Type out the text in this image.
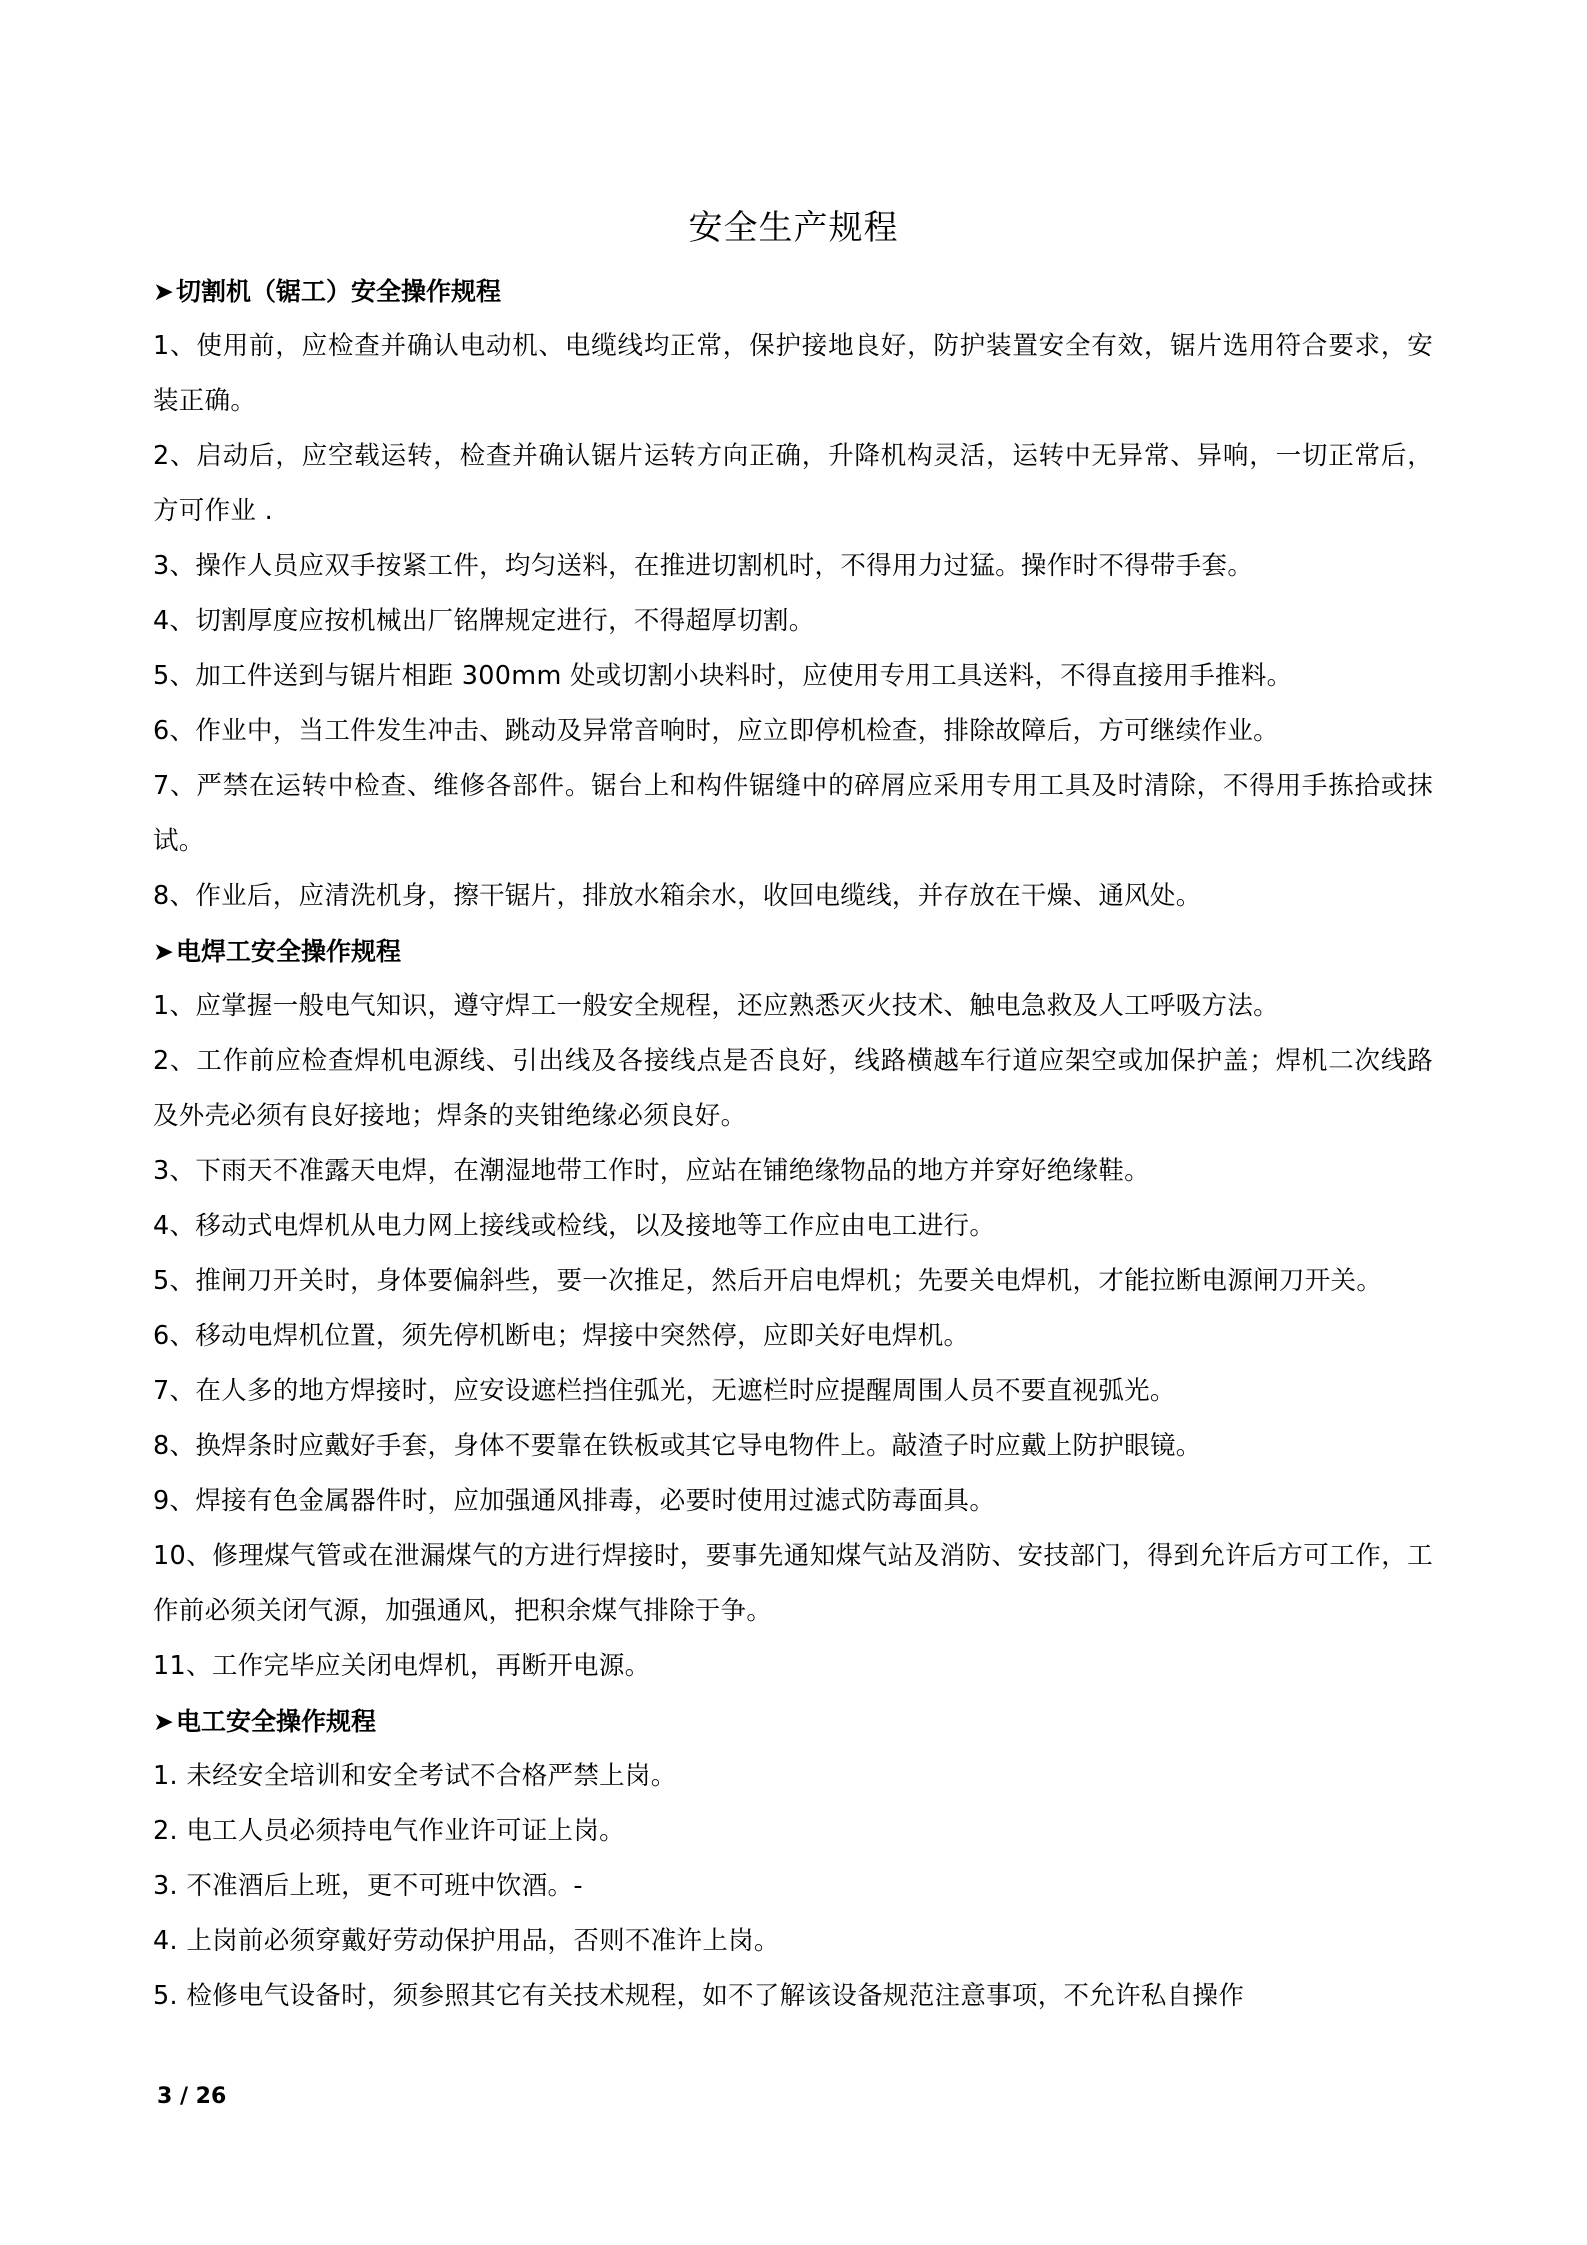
安全生产规程
➤切割机（锯工）安全操作规程
1、使用前，应检查并确认电动机、电缆线均正常，保护接地良好，防护装置安全有效，锯片选用符合要求，安装正确。
2、启动后，应空载运转，检查并确认锯片运转方向正确，升降机构灵活，运转中无异常、异响，一切正常后，方可作业 .
3、操作人员应双手按紧工件，均匀送料，在推进切割机时，不得用力过猛。操作时不得带手套。
4、切割厚度应按机械出厂铭牌规定进行，不得超厚切割。
5、加工件送到与锯片相距 300mm 处或切割小块料时，应使用专用工具送料，不得直接用手推料。
6、作业中，当工件发生冲击、跳动及异常音响时，应立即停机检查，排除故障后，方可继续作业。
7、严禁在运转中检查、维修各部件。锯台上和构件锯缝中的碎屑应采用专用工具及时清除，不得用手拣拾或抹试。
8、作业后，应清洗机身，擦干锯片，排放水箱余水，收回电缆线，并存放在干燥、通风处。
➤电焊工安全操作规程
1、应掌握一般电气知识，遵守焊工一般安全规程，还应熟悉灭火技术、触电急救及人工呼吸方法。
2、工作前应检查焊机电源线、引出线及各接线点是否良好，线路横越车行道应架空或加保护盖；焊机二次线路及外壳必须有良好接地；焊条的夹钳绝缘必须良好。
3、下雨天不准露天电焊，在潮湿地带工作时，应站在铺绝缘物品的地方并穿好绝缘鞋。
4、移动式电焊机从电力网上接线或检线，以及接地等工作应由电工进行。
5、推闸刀开关时，身体要偏斜些，要一次推足，然后开启电焊机；先要关电焊机，才能拉断电源闸刀开关。
6、移动电焊机位置，须先停机断电；焊接中突然停，应即关好电焊机。
7、在人多的地方焊接时，应安设遮栏挡住弧光，无遮栏时应提醒周围人员不要直视弧光。
8、换焊条时应戴好手套，身体不要靠在铁板或其它导电物件上。敲渣子时应戴上防护眼镜。
9、焊接有色金属器件时，应加强通风排毒，必要时使用过滤式防毒面具。
10、修理煤气管或在泄漏煤气的方进行焊接时，要事先通知煤气站及消防、安技部门，得到允许后方可工作，工作前必须关闭气源，加强通风，把积余煤气排除于争。
11、工作完毕应关闭电焊机，再断开电源。
➤电工安全操作规程
1. 未经安全培训和安全考试不合格严禁上岗。
2. 电工人员必须持电气作业许可证上岗。
3. 不准酒后上班，更不可班中饮酒。-
4. 上岗前必须穿戴好劳动保护用品，否则不准许上岗。
5. 检修电气设备时，须参照其它有关技术规程，如不了解该设备规范注意事项，不允许私自操作
3 / 26
